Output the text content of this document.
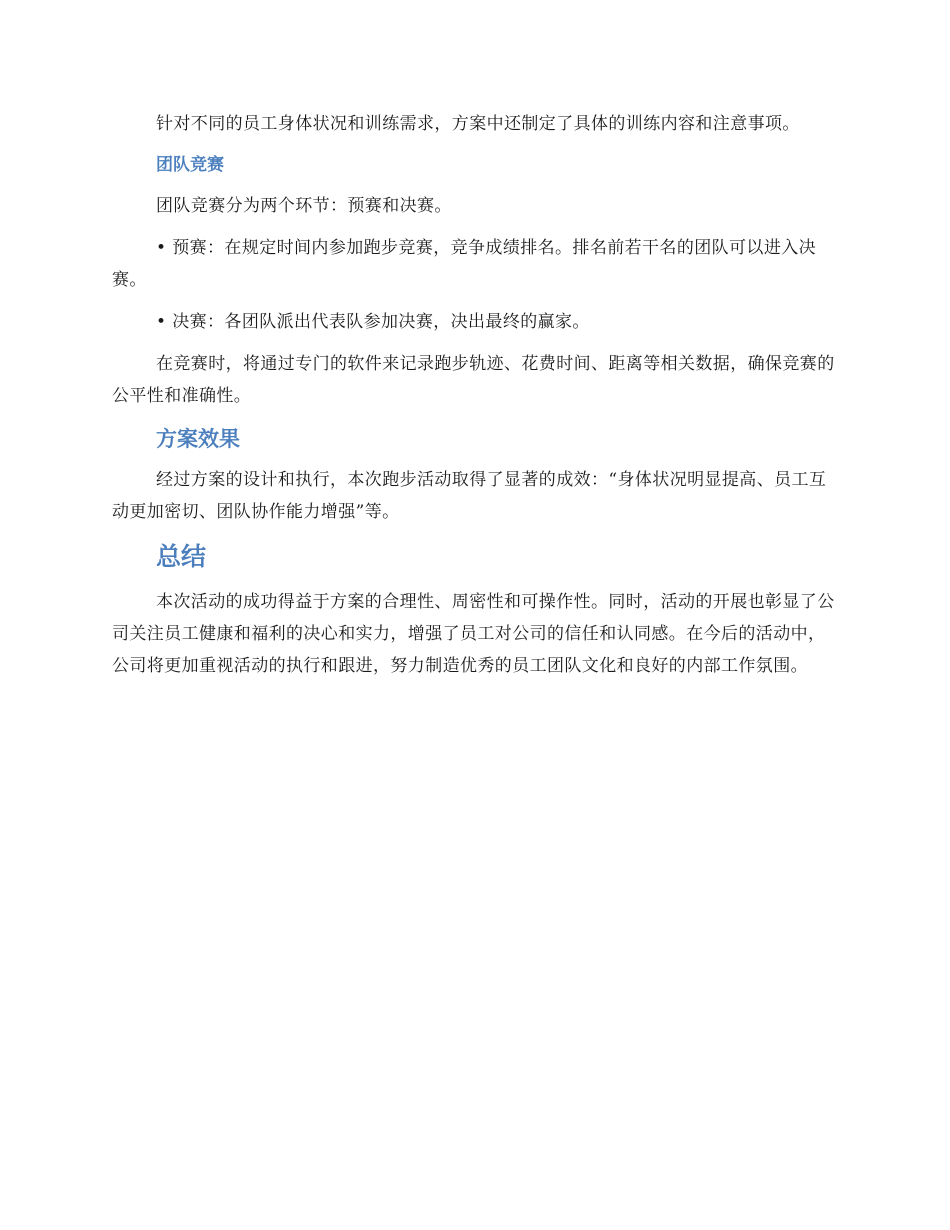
针对不同的员工身体状况和训练需求，方案中还制定了具体的训练内容和注意事项。

团队竞赛

团队竞赛分为两个环节：预赛和决赛。

• 预赛：在规定时间内参加跑步竞赛，竞争成绩排名。排名前若干名的团队可以进入决赛。

• 决赛：各团队派出代表队参加决赛，决出最终的赢家。

在竞赛时，将通过专门的软件来记录跑步轨迹、花费时间、距离等相关数据，确保竞赛的公平性和准确性。

方案效果

经过方案的设计和执行，本次跑步活动取得了显著的成效：“身体状况明显提高、员工互动更加密切、团队协作能力增强”等。

总结

本次活动的成功得益于方案的合理性、周密性和可操作性。同时，活动的开展也彰显了公司关注员工健康和福利的决心和实力，增强了员工对公司的信任和认同感。在今后的活动中，公司将更加重视活动的执行和跟进，努力制造优秀的员工团队文化和良好的内部工作氛围。
